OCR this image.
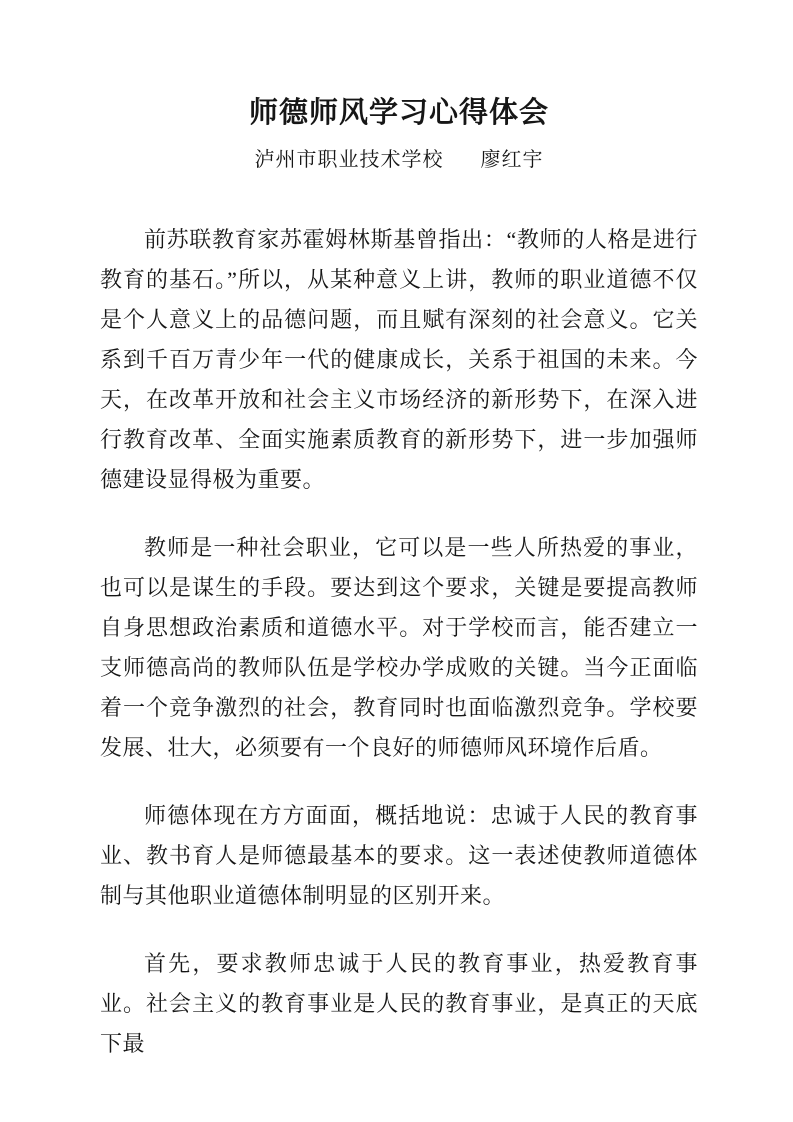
师德师风学习心得体会
泸州市职业技术学校 廖红宇

前苏联教育家苏霍姆林斯基曾指出：“教师的人格是进行教育的基石。”所以，从某种意义上讲，教师的职业道德不仅是个人意义上的品德问题，而且赋有深刻的社会意义。它关系到千百万青少年一代的健康成长，关系于祖国的未来。今天，在改革开放和社会主义市场经济的新形势下，在深入进行教育改革、全面实施素质教育的新形势下，进一步加强师德建设显得极为重要。

教师是一种社会职业，它可以是一些人所热爱的事业，也可以是谋生的手段。要达到这个要求，关键是要提高教师自身思想政治素质和道德水平。对于学校而言，能否建立一支师德高尚的教师队伍是学校办学成败的关键。当今正面临着一个竞争激烈的社会，教育同时也面临激烈竞争。学校要发展、壮大，必须要有一个良好的师德师风环境作后盾。

师德体现在方方面面，概括地说：忠诚于人民的教育事业、教书育人是师德最基本的要求。这一表述使教师道德体制与其他职业道德体制明显的区别开来。

首先，要求教师忠诚于人民的教育事业，热爱教育事业。社会主义的教育事业是人民的教育事业，是真正的天底下最
